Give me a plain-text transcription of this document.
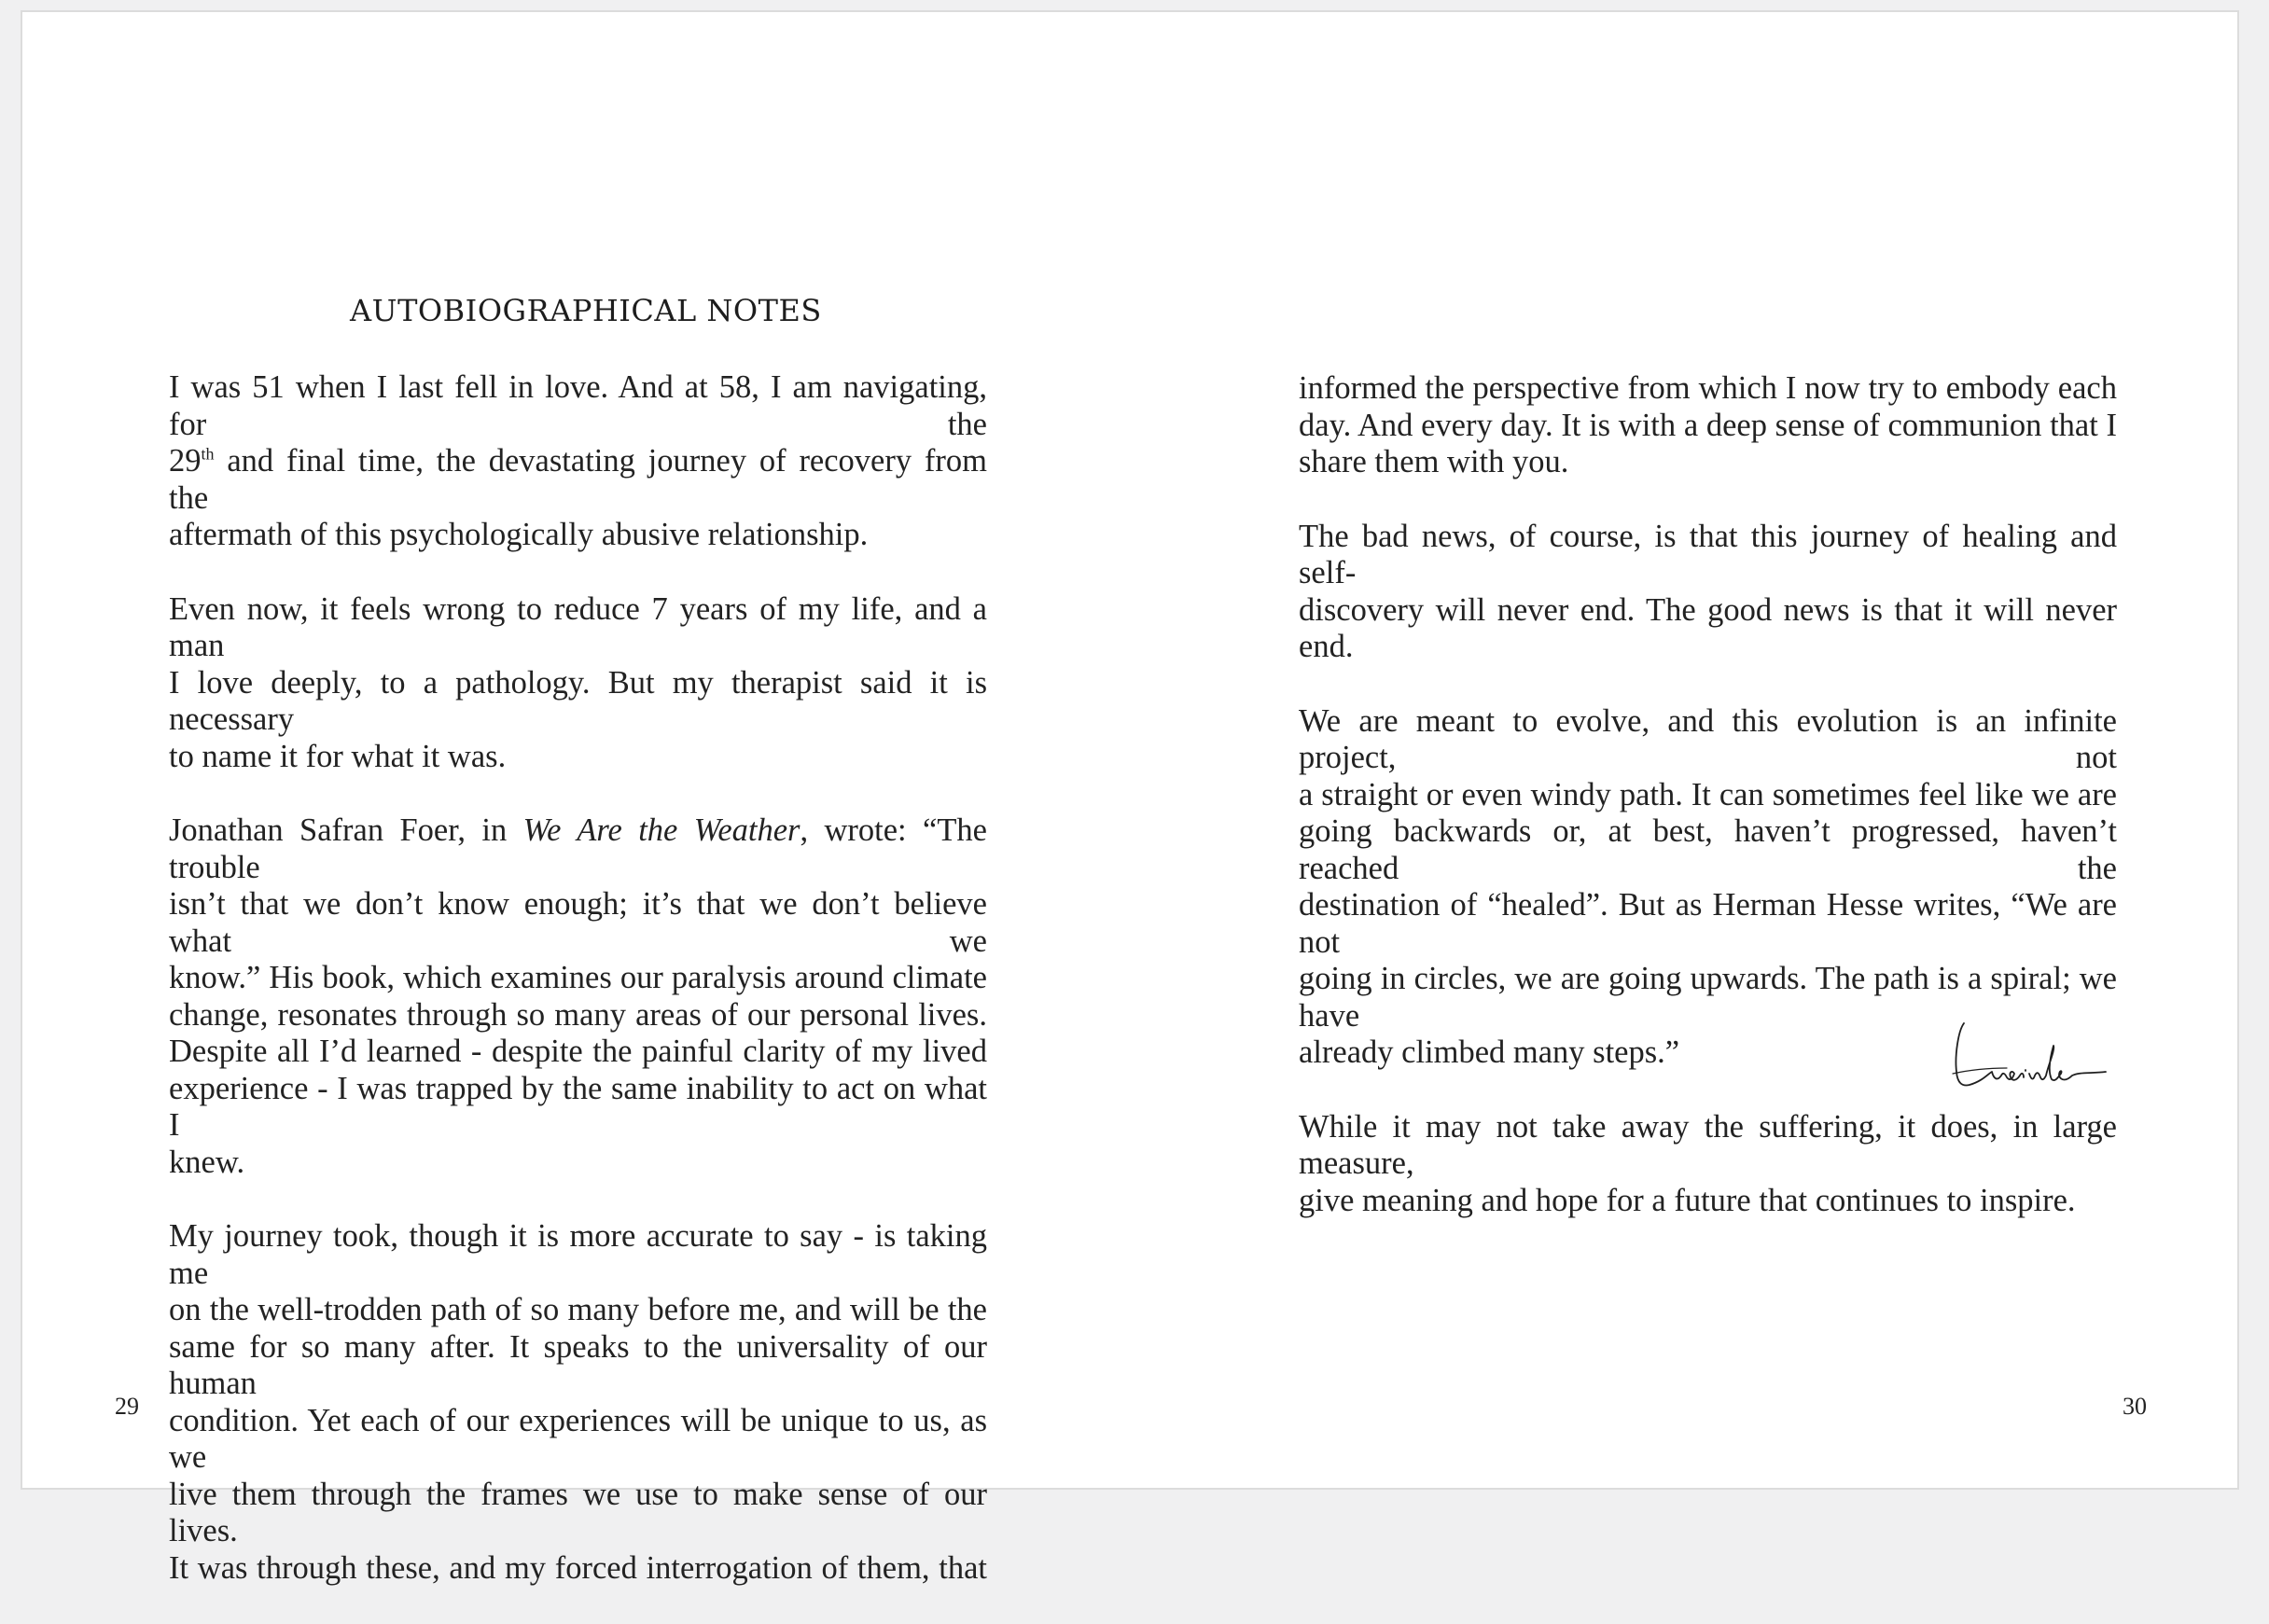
AUTOBIOGRAPHICAL NOTES

I was 51 when I last fell in love. And at 58, I am navigating, for the
29th and final time, the devastating journey of recovery from the
aftermath of this psychologically abusive relationship.

Even now, it feels wrong to reduce 7 years of my life, and a man
I love deeply, to a pathology. But my therapist said it is necessary
to name it for what it was.

Jonathan Safran Foer, in We Are the Weather, wrote: “The trouble
isn’t that we don’t know enough; it’s that we don’t believe what we
know.” His book, which examines our paralysis around climate
change, resonates through so many areas of our personal lives.
Despite all I’d learned - despite the painful clarity of my lived
experience - I was trapped by the same inability to act on what I
knew.

My journey took, though it is more accurate to say - is taking me
on the well-trodden path of so many before me, and will be the
same for so many after. It speaks to the universality of our human
condition. Yet each of our experiences will be unique to us, as we
live them through the frames we use to make sense of our lives.
It was through these, and my forced interrogation of them, that

29

informed the perspective from which I now try to embody each
day. And every day. It is with a deep sense of communion that I
share them with you.

The bad news, of course, is that this journey of healing and self-
discovery will never end. The good news is that it will never end.

We are meant to evolve, and this evolution is an infinite project, not
a straight or even windy path. It can sometimes feel like we are
going backwards or, at best, haven’t progressed, haven’t reached the
destination of “healed”. But as Herman Hesse writes, “We are not
going in circles, we are going upwards. The path is a spiral; we have
already climbed many steps.”

While it may not take away the suffering, it does, in large measure,
give meaning and hope for a future that continues to inspire.

30
